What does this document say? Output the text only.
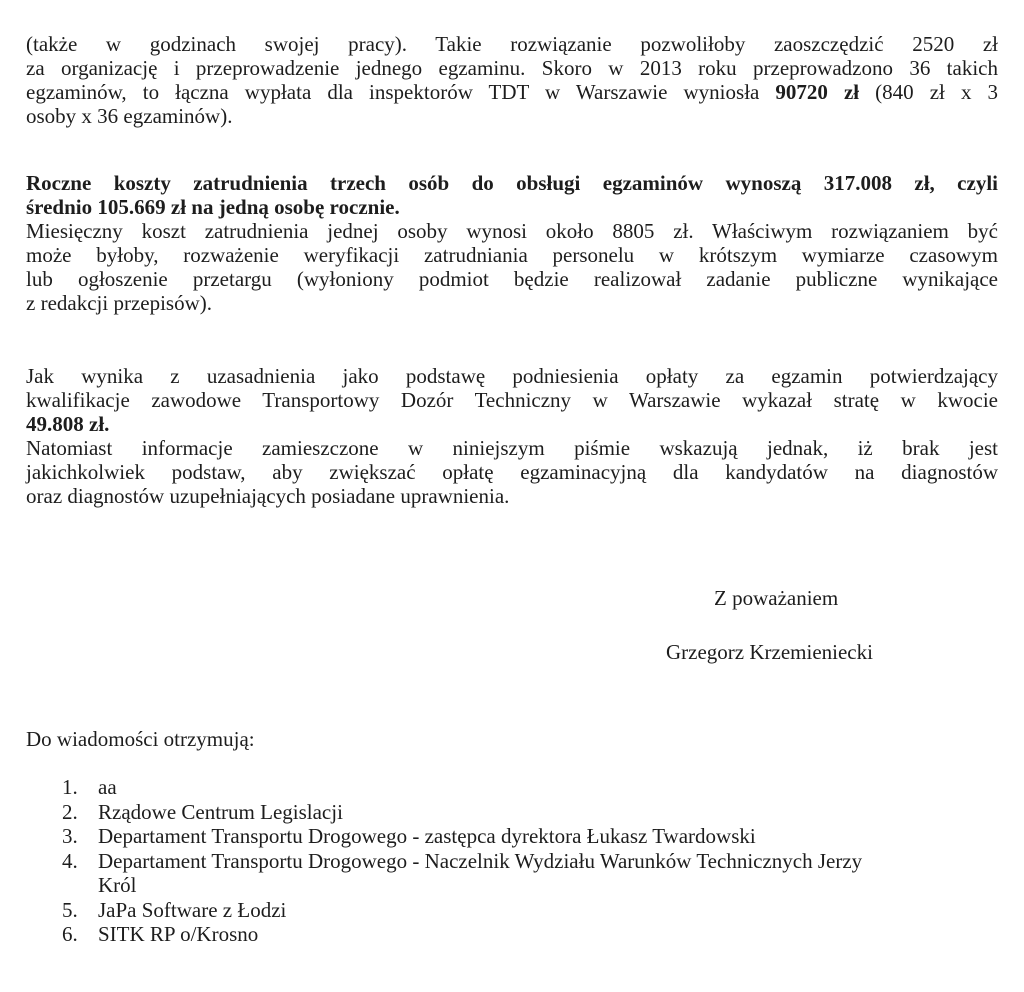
(także w godzinach swojej pracy). Takie rozwiązanie pozwoliłoby zaoszczędzić 2520 zł
za organizację i przeprowadzenie jednego egzaminu. Skoro w 2013 roku przeprowadzono 36 takich
egzaminów, to łączna wypłata dla inspektorów TDT w Warszawie wyniosła 90720 zł (840 zł x 3
osoby x 36 egzaminów).
Roczne koszty zatrudnienia trzech osób do obsługi egzaminów wynoszą 317.008 zł, czyli
średnio 105.669 zł na jedną osobę rocznie.
Miesięczny koszt zatrudnienia jednej osoby wynosi około 8805 zł. Właściwym rozwiązaniem być
może byłoby, rozważenie weryfikacji zatrudniania personelu w krótszym wymiarze czasowym
lub ogłoszenie przetargu (wyłoniony podmiot będzie realizował zadanie publiczne wynikające
z redakcji przepisów).
Jak wynika z uzasadnienia jako podstawę podniesienia opłaty za egzamin potwierdzający
kwalifikacje zawodowe Transportowy Dozór Techniczny w Warszawie wykazał stratę w kwocie
49.808 zł.
Natomiast informacje zamieszczone w niniejszym piśmie wskazują jednak, iż brak jest
jakichkolwiek podstaw, aby zwiększać opłatę egzaminacyjną dla kandydatów na diagnostów
oraz diagnostów uzupełniających posiadane uprawnienia.
Z poważaniem
Grzegorz Krzemieniecki
Do wiadomości otrzymują:
1. aa
2. Rządowe Centrum Legislacji
3. Departament Transportu Drogowego - zastępca dyrektora Łukasz Twardowski
4. Departament Transportu Drogowego - Naczelnik Wydziału Warunków Technicznych Jerzy
Król
5. JaPa Software z Łodzi
6. SITK RP o/Krosno
